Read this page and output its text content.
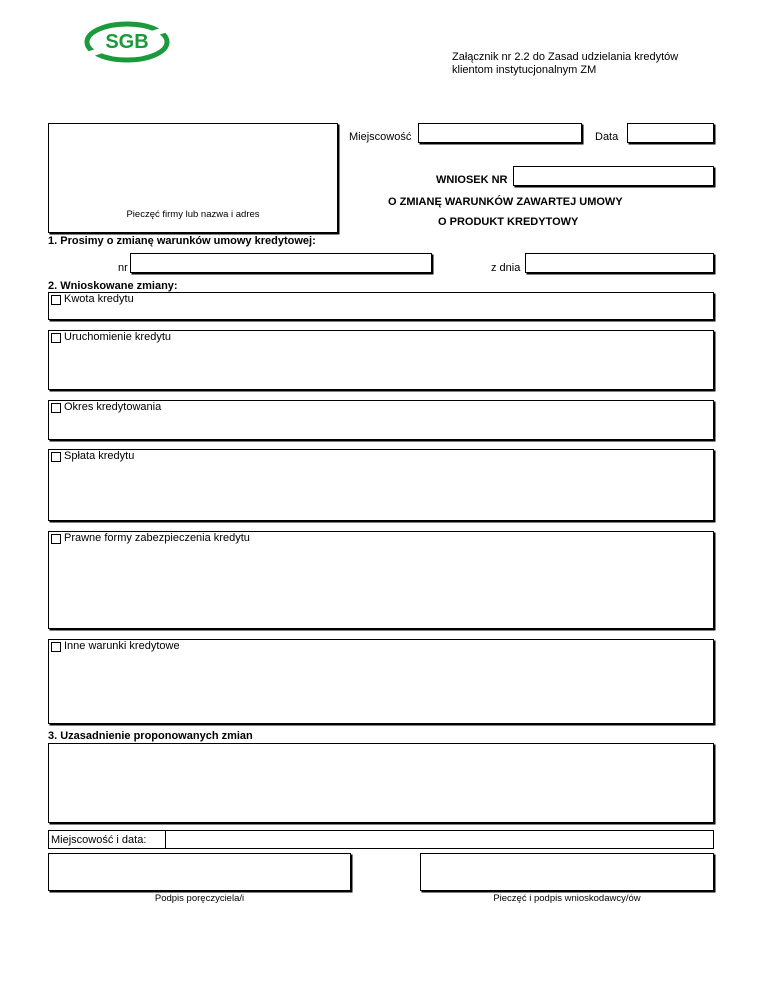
SGB
Załącznik nr 2.2 do Zasad udzielania kredytów
klientom instytucjonalnym ZM
Pieczęć firmy lub nazwa i adres
Miejscowość	Data
WNIOSEK NR
O ZMIANĘ WARUNKÓW ZAWARTEJ UMOWY
O PRODUKT KREDYTOWY
1. Prosimy o zmianę warunków umowy kredytowej:
nr	z dnia
2. Wnioskowane zmiany:
Kwota kredytu
Uruchomienie kredytu
Okres kredytowania
Spłata kredytu
Prawne formy zabezpieczenia kredytu
Inne warunki kredytowe
3. Uzasadnienie proponowanych zmian
Miejscowość i data:
Podpis poręczyciela/i	Pieczęć i podpis wnioskodawcy/ów
